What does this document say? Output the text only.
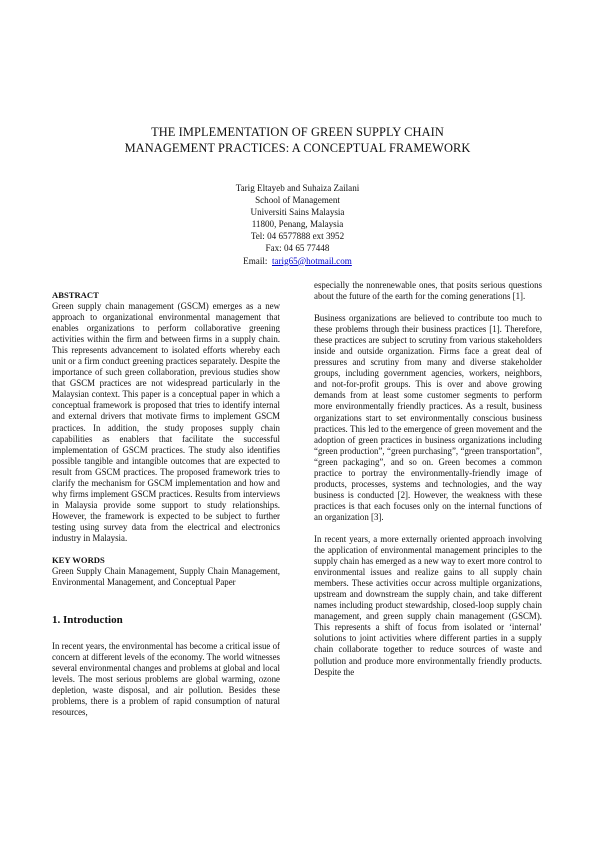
THE IMPLEMENTATION OF GREEN SUPPLY CHAIN
MANAGEMENT PRACTICES: A CONCEPTUAL FRAMEWORK
Tarig Eltayeb and Suhaiza Zailani
School of Management
Universiti Sains Malaysia
11800, Penang, Malaysia
Tel: 04 6577888 ext 3952
Fax: 04 65 77448
Email: tarig65@hotmail.com
ABSTRACT

Green supply chain management (GSCM) emerges as a new approach to organizational environmental management that enables organizations to perform collaborative greening activities within the firm and between firms in a supply chain. This represents advancement to isolated efforts whereby each unit or a firm conduct greening practices separately. Despite the importance of such green collaboration, previous studies show that GSCM practices are not widespread particularly in the Malaysian context. This paper is a conceptual paper in which a conceptual framework is proposed that tries to identify internal and external drivers that motivate firms to implement GSCM practices. In addition, the study proposes supply chain capabilities as enablers that facilitate the successful implementation of GSCM practices. The study also identifies possible tangible and intangible outcomes that are expected to result from GSCM practices. The proposed framework tries to clarify the mechanism for GSCM implementation and how and why firms implement GSCM practices. Results from interviews in Malaysia provide some support to study relationships. However, the framework is expected to be subject to further testing using survey data from the electrical and electronics industry in Malaysia.

KEY WORDS

Green Supply Chain Management, Supply Chain Management, Environmental Management, and Conceptual Paper

1. Introduction

In recent years, the environmental has become a critical issue of concern at different levels of the economy. The world witnesses several environmental changes and problems at global and local levels. The most serious problems are global warming, ozone depletion, waste disposal, and air pollution. Besides these problems, there is a problem of rapid consumption of natural resources,

especially the nonrenewable ones, that posits serious questions about the future of the earth for the coming generations [1].

Business organizations are believed to contribute too much to these problems through their business practices [1]. Therefore, these practices are subject to scrutiny from various stakeholders inside and outside organization. Firms face a great deal of pressures and scrutiny from many and diverse stakeholder groups, including government agencies, workers, neighbors, and not-for-profit groups. This is over and above growing demands from at least some customer segments to perform more environmentally friendly practices. As a result, business organizations start to set environmentally conscious business practices. This led to the emergence of green movement and the adoption of green practices in business organizations including “green production”, “green purchasing”, “green transportation”, “green packaging”, and so on. Green becomes a common practice to portray the environmentally-friendly image of products, processes, systems and technologies, and the way business is conducted [2]. However, the weakness with these practices is that each focuses only on the internal functions of an organization [3].

In recent years, a more externally oriented approach involving the application of environmental management principles to the supply chain has emerged as a new way to exert more control to environmental issues and realize gains to all supply chain members. These activities occur across multiple organizations, upstream and downstream the supply chain, and take different names including product stewardship, closed-loop supply chain management, and green supply chain management (GSCM). This represents a shift of focus from isolated or ‘internal’ solutions to joint activities where different parties in a supply chain collaborate together to reduce sources of waste and pollution and produce more environmentally friendly products. Despite the
